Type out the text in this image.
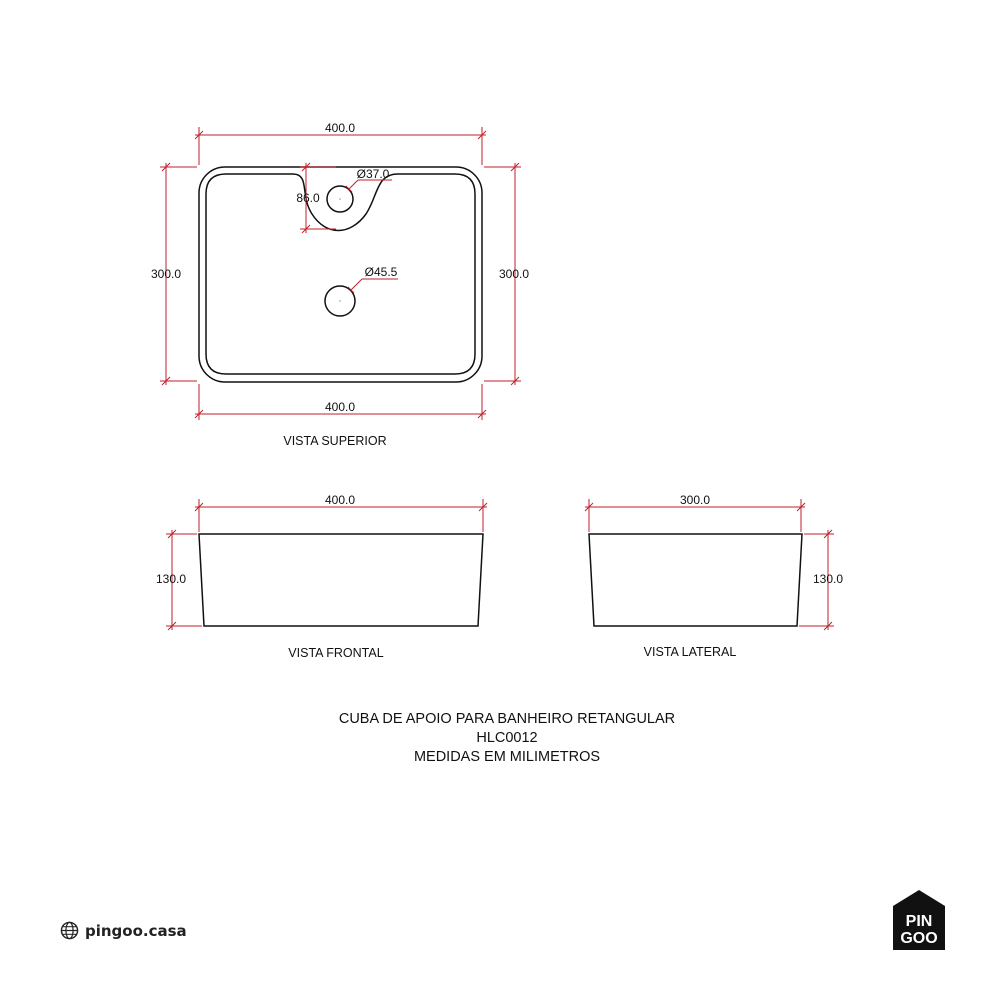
400.0
400.0
300.0	300.0
86.0
Ø37.0
Ø45.5
VISTA SUPERIOR
400.0
130.0
VISTA FRONTAL
300.0
130.0
VISTA LATERAL
CUBA DE APOIO PARA BANHEIRO RETANGULAR
HLC0012
MEDIDAS EM MILIMETROS
pingoo.casa	PIN
GOO
